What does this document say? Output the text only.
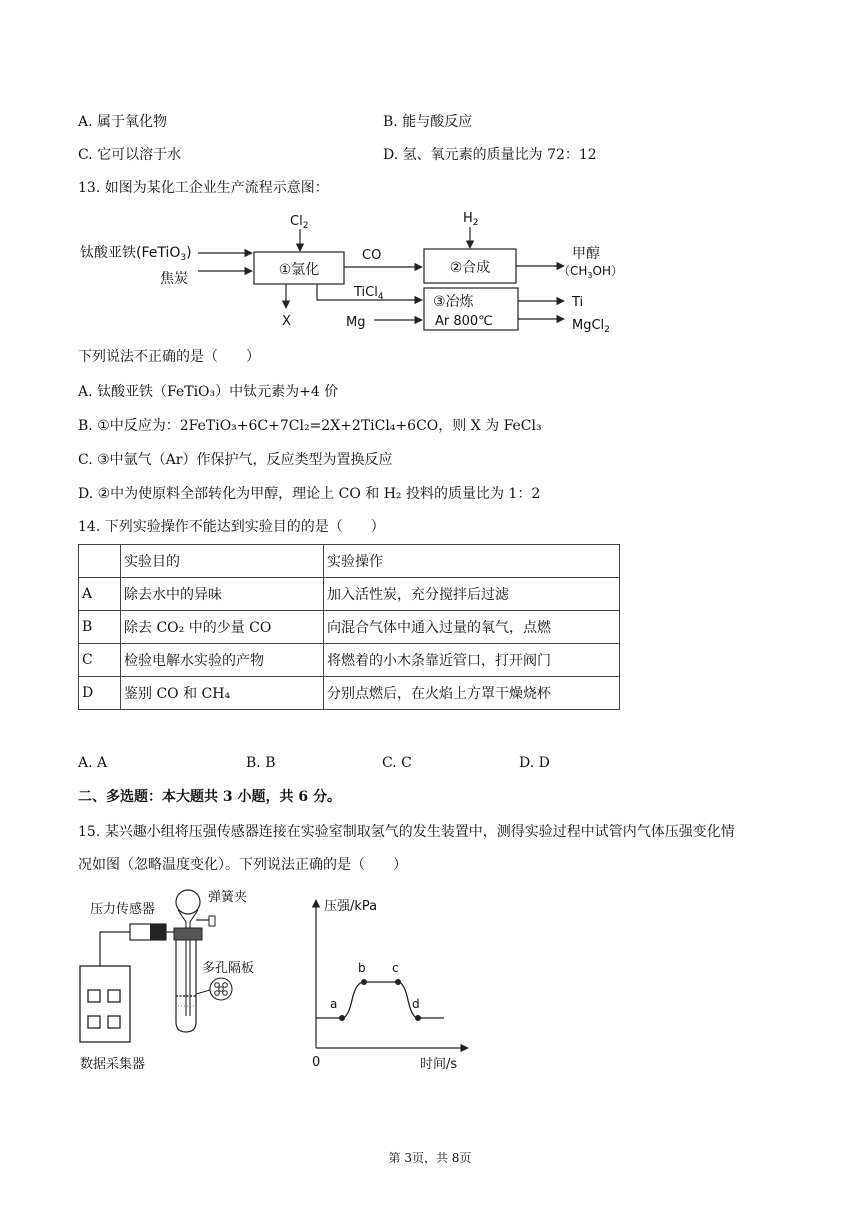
A. 属于氧化物	B. 能与酸反应
C. 它可以溶于水	D. 氢、氧元素的质量比为 72：12
13. 如图为某化工企业生产流程示意图：
钛酸亚铁(FeTiO$_3$)
焦炭
$Cl_2$
①氯化
X
CO
$H_2$
②合成
甲醇
$(CH_3OH)$
TiCl$_4$
Mg
③冶炼
Ar 800℃
Ti
MgCl$_2$
下列说法不正确的是（　　）
A. 钛酸亚铁（FeTiO₃）中钛元素为+4 价
B. ①中反应为：2FeTiO₃+6C+7Cl₂=2X+2TiCl₄+6CO，则 X 为 FeCl₃
C. ③中氩气（Ar）作保护气，反应类型为置换反应
D. ②中为使原料全部转化为甲醇，理论上 CO 和 H₂ 投料的质量比为 1：2
14. 下列实验操作不能达到实验目的的是（　　）
	实验目的	实验操作
A	除去水中的异味	加入活性炭，充分搅拌后过滤
B	除去 CO₂ 中的少量 CO	向混合气体中通入过量的氧气，点燃
C	检验电解水实验的产物	将燃着的小木条靠近管口，打开阀门
D	鉴别 CO 和 CH₄	分别点燃后，在火焰上方罩干燥烧杯
A. A	B. B	C. C	D. D
二、多选题：本大题共 3 小题，共 6 分。
15. 某兴趣小组将压强传感器连接在实验室制取氢气的发生装置中，测得实验过程中试管内气体压强变化情
况如图（忽略温度变化）。下列说法正确的是（　　）
压力传感器
弹簧夹
多孔隔板
数据采集器
压强/kPa
时间/s
0
a
b c
d
第 3页，共 8页
